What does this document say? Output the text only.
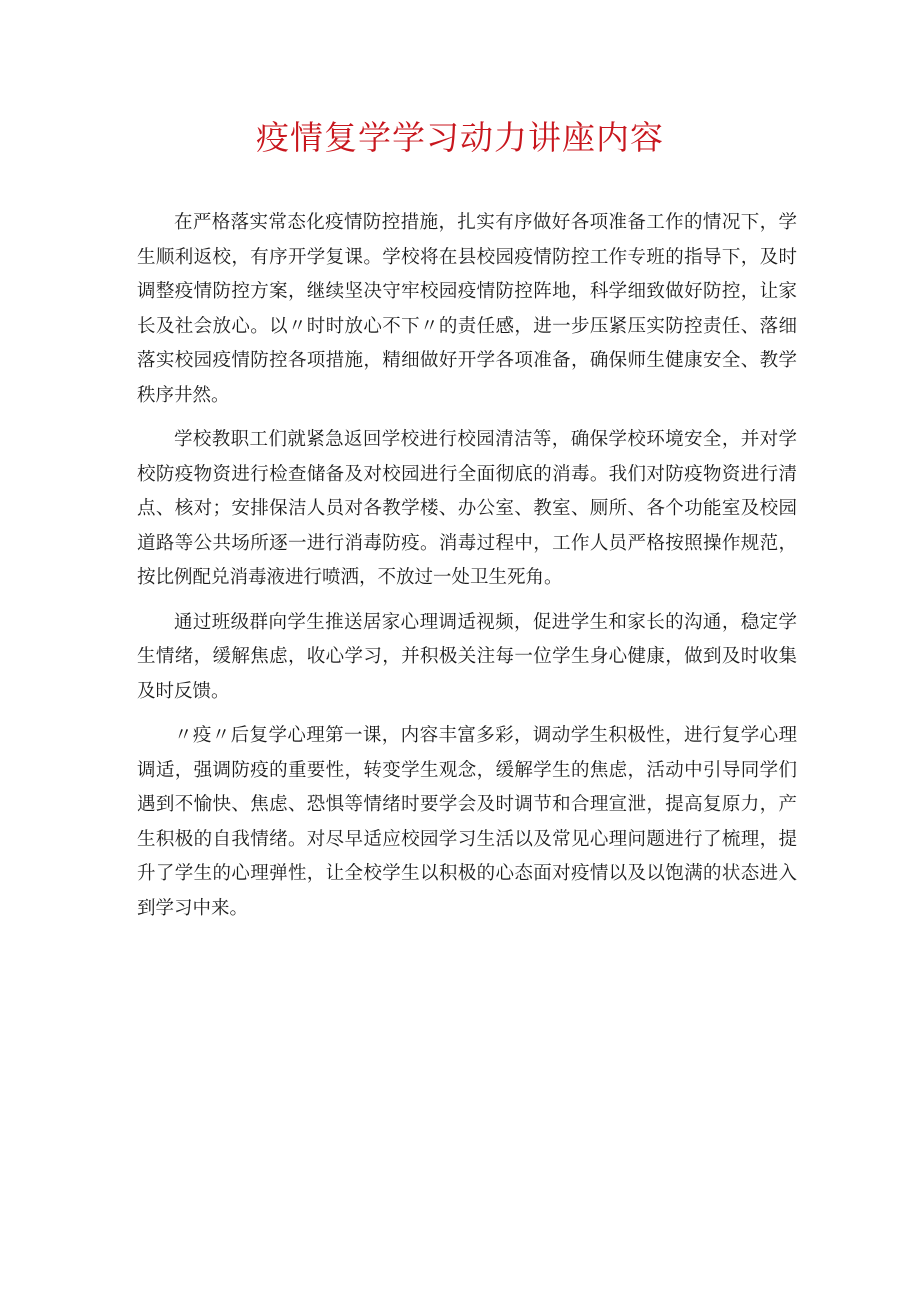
疫情复学学习动力讲座内容

在严格落实常态化疫情防控措施，扎实有序做好各项准备工作的情况下，学生顺利返校，有序开学复课。学校将在县校园疫情防控工作专班的指导下，及时调整疫情防控方案，继续坚决守牢校园疫情防控阵地，科学细致做好防控，让家长及社会放心。以〃时时放心不下〃的责任感，进一步压紧压实防控责任、落细落实校园疫情防控各项措施，精细做好开学各项准备，确保师生健康安全、教学秩序井然。

学校教职工们就紧急返回学校进行校园清洁等，确保学校环境安全，并对学校防疫物资进行检查储备及对校园进行全面彻底的消毒。我们对防疫物资进行清点、核对；安排保洁人员对各教学楼、办公室、教室、厕所、各个功能室及校园道路等公共场所逐一进行消毒防疫。消毒过程中，工作人员严格按照操作规范，按比例配兑消毒液进行喷洒，不放过一处卫生死角。

通过班级群向学生推送居家心理调适视频，促进学生和家长的沟通，稳定学生情绪，缓解焦虑，收心学习，并积极关注每一位学生身心健康，做到及时收集及时反馈。

〃疫〃后复学心理第一课，内容丰富多彩，调动学生积极性，进行复学心理调适，强调防疫的重要性，转变学生观念，缓解学生的焦虑，活动中引导同学们遇到不愉快、焦虑、恐惧等情绪时要学会及时调节和合理宣泄，提高复原力，产生积极的自我情绪。对尽早适应校园学习生活以及常见心理问题进行了梳理，提升了学生的心理弹性，让全校学生以积极的心态面对疫情以及以饱满的状态进入到学习中来。
